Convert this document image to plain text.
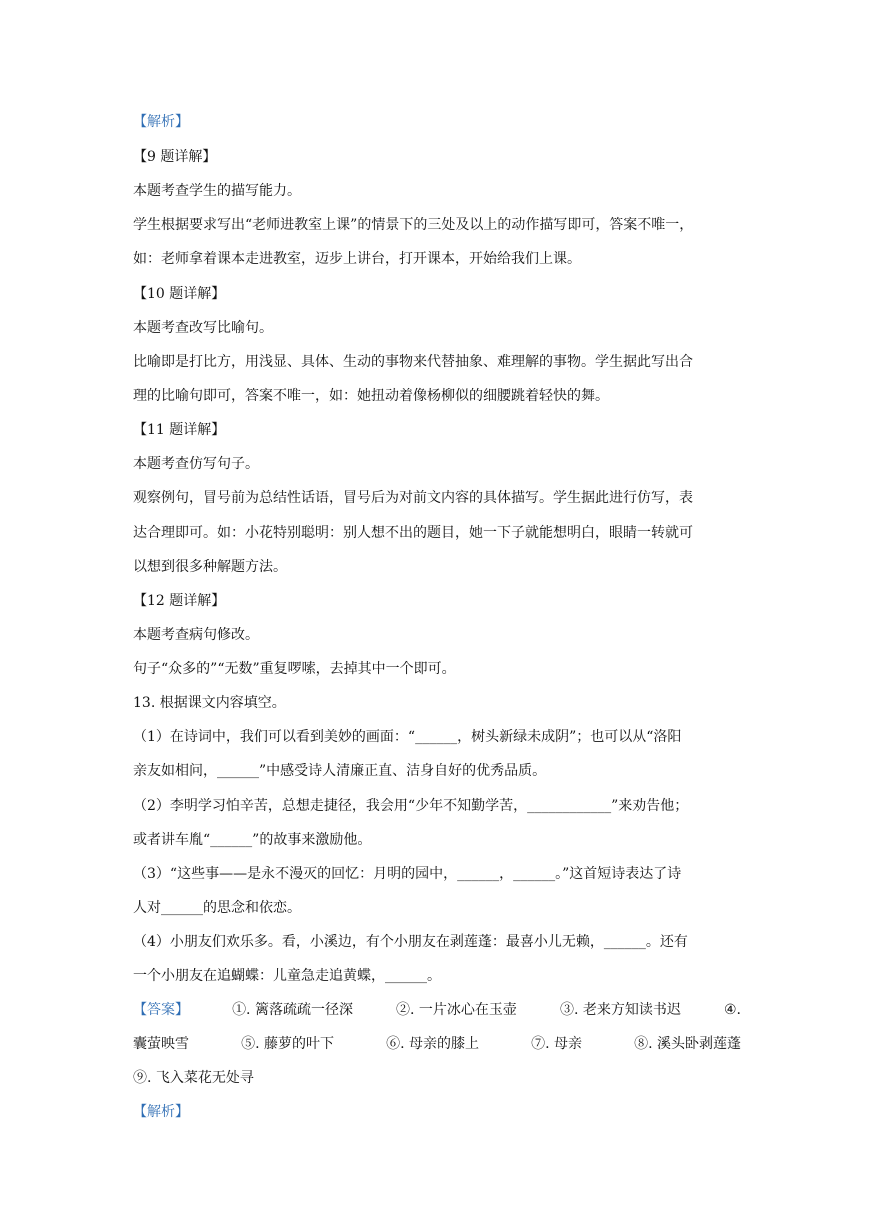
【解析】
【9 题详解】
本题考查学生的描写能力。
学生根据要求写出“老师进教室上课”的情景下的三处及以上的动作描写即可，答案不唯一，
如：老师拿着课本走进教室，迈步上讲台，打开课本，开始给我们上课。
【10 题详解】
本题考查改写比喻句。
比喻即是打比方，用浅显、具体、生动的事物来代替抽象、难理解的事物。学生据此写出合
理的比喻句即可，答案不唯一，如：她扭动着像杨柳似的细腰跳着轻快的舞。
【11 题详解】
本题考查仿写句子。
观察例句，冒号前为总结性话语，冒号后为对前文内容的具体描写。学生据此进行仿写，表
达合理即可。如：小花特别聪明：别人想不出的题目，她一下子就能想明白，眼睛一转就可
以想到很多种解题方法。
【12 题详解】
本题考查病句修改。
句子“众多的”“无数”重复啰嗦，去掉其中一个即可。
13. 根据课文内容填空。
（1）在诗词中，我们可以看到美妙的画面：“______，树头新绿未成阴”；也可以从“洛阳
亲友如相问，______”中感受诗人清廉正直、洁身自好的优秀品质。
（2）李明学习怕辛苦，总想走捷径，我会用“少年不知勤学苦，____________”来劝告他；
或者讲车胤“______”的故事来激励他。
（3）“这些事——是永不漫灭的回忆：月明的园中，______，______。”这首短诗表达了诗
人对______的思念和依恋。
（4）小朋友们欢乐多。看，小溪边，有个小朋友在剥莲蓬：最喜小儿无赖，______。还有
一个小朋友在追蝴蝶：儿童急走追黄蝶，______。
【答案】	①. 篱落疏疏一径深	②. 一片冰心在玉壶	③. 老来方知读书迟	④.
囊萤映雪	⑤. 藤萝的叶下	⑥. 母亲的膝上	⑦. 母亲	⑧. 溪头卧剥莲蓬
⑨. 飞入菜花无处寻
【解析】
